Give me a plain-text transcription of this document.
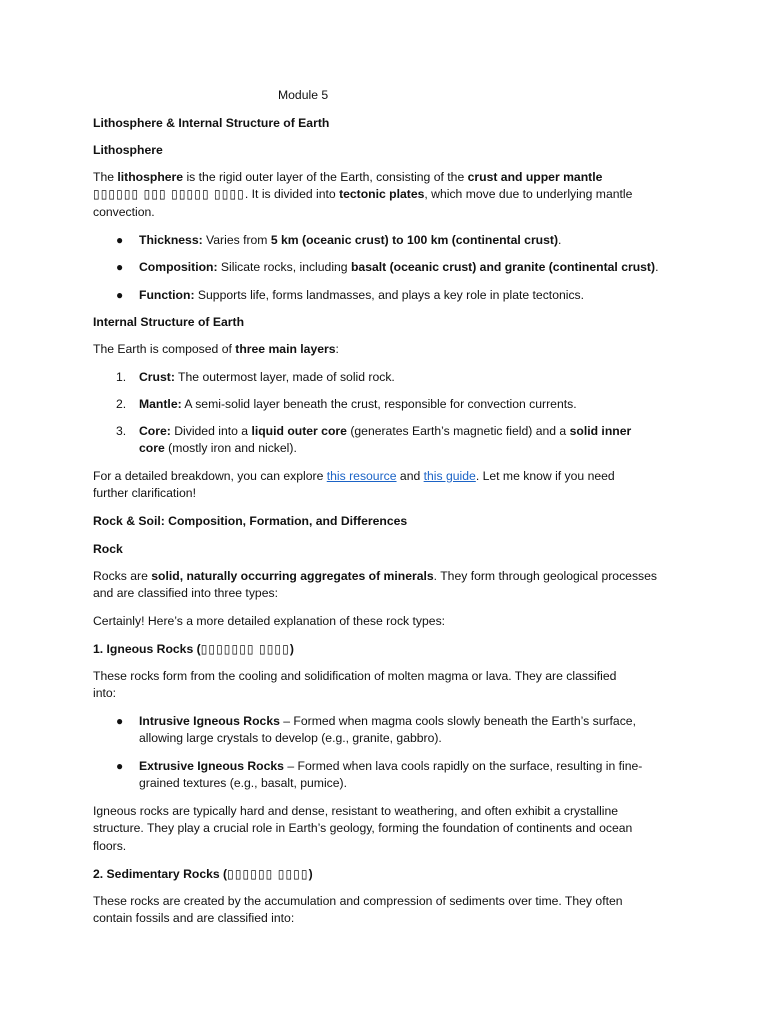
Module 5
Lithosphere & Internal Structure of Earth
Lithosphere
The lithosphere is the rigid outer layer of the Earth, consisting of the crust and upper mantle
▯▯▯▯▯▯ ▯▯▯ ▯▯▯▯▯ ▯▯▯▯. It is divided into tectonic plates, which move due to underlying mantle
convection.
● Thickness: Varies from 5 km (oceanic crust) to 100 km (continental crust).
● Composition: Silicate rocks, including basalt (oceanic crust) and granite (continental crust).
● Function: Supports life, forms landmasses, and plays a key role in plate tectonics.
Internal Structure of Earth
The Earth is composed of three main layers:
1.	Crust: The outermost layer, made of solid rock.
2.	Mantle: A semi-solid layer beneath the crust, responsible for convection currents.
3.	Core: Divided into a liquid outer core (generates Earth’s magnetic field) and a solid inner
core (mostly iron and nickel).
For a detailed breakdown, you can explore this resource and this guide. Let me know if you need
further clarification!
Rock & Soil: Composition, Formation, and Differences
Rock
Rocks are solid, naturally occurring aggregates of minerals. They form through geological processes
and are classified into three types:
Certainly! Here’s a more detailed explanation of these rock types:
1. Igneous Rocks (▯▯▯▯▯▯▯ ▯▯▯▯)
These rocks form from the cooling and solidification of molten magma or lava. They are classified
into:
● Intrusive Igneous Rocks – Formed when magma cools slowly beneath the Earth’s surface,
allowing large crystals to develop (e.g., granite, gabbro).
● Extrusive Igneous Rocks – Formed when lava cools rapidly on the surface, resulting in fine-
grained textures (e.g., basalt, pumice).
Igneous rocks are typically hard and dense, resistant to weathering, and often exhibit a crystalline
structure. They play a crucial role in Earth’s geology, forming the foundation of continents and ocean
floors.
2. Sedimentary Rocks (▯▯▯▯▯▯ ▯▯▯▯)
These rocks are created by the accumulation and compression of sediments over time. They often
contain fossils and are classified into:
